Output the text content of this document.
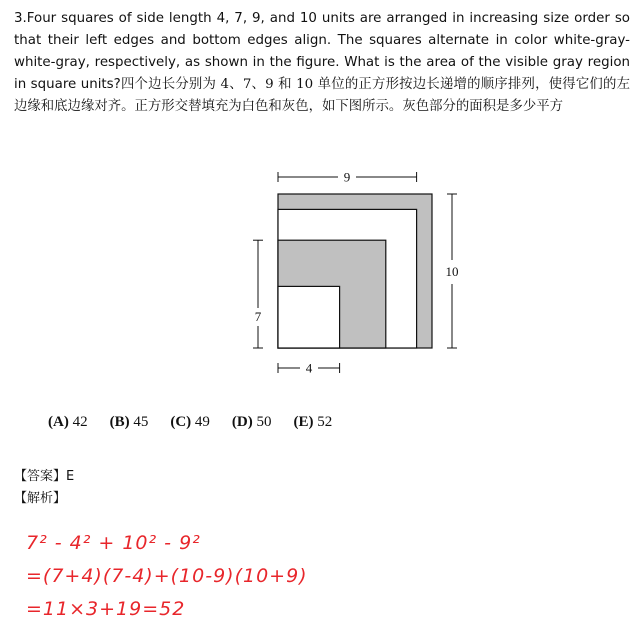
3.Four squares of side length 4, 7, 9, and 10 units are arranged in increasing size order so that their left edges and bottom edges align. The squares alternate in color white-gray-white-gray, respectively, as shown in the figure. What is the area of the visible gray region in square units?四个边长分别为 4、7、9 和 10 单位的正方形按边长递增的顺序排列，使得它们的左边缘和底边缘对齐。正方形交替填充为白色和灰色，如下图所示。灰色部分的面积是多少平方
9
10
7
4
(A) 42 (B) 45 (C) 49 (D) 50 (E) 52
【答案】E
【解析】
7² - 4² + 10² - 9²
=(7+4)(7-4)+(10-9)(10+9)
=11×3+19=52
